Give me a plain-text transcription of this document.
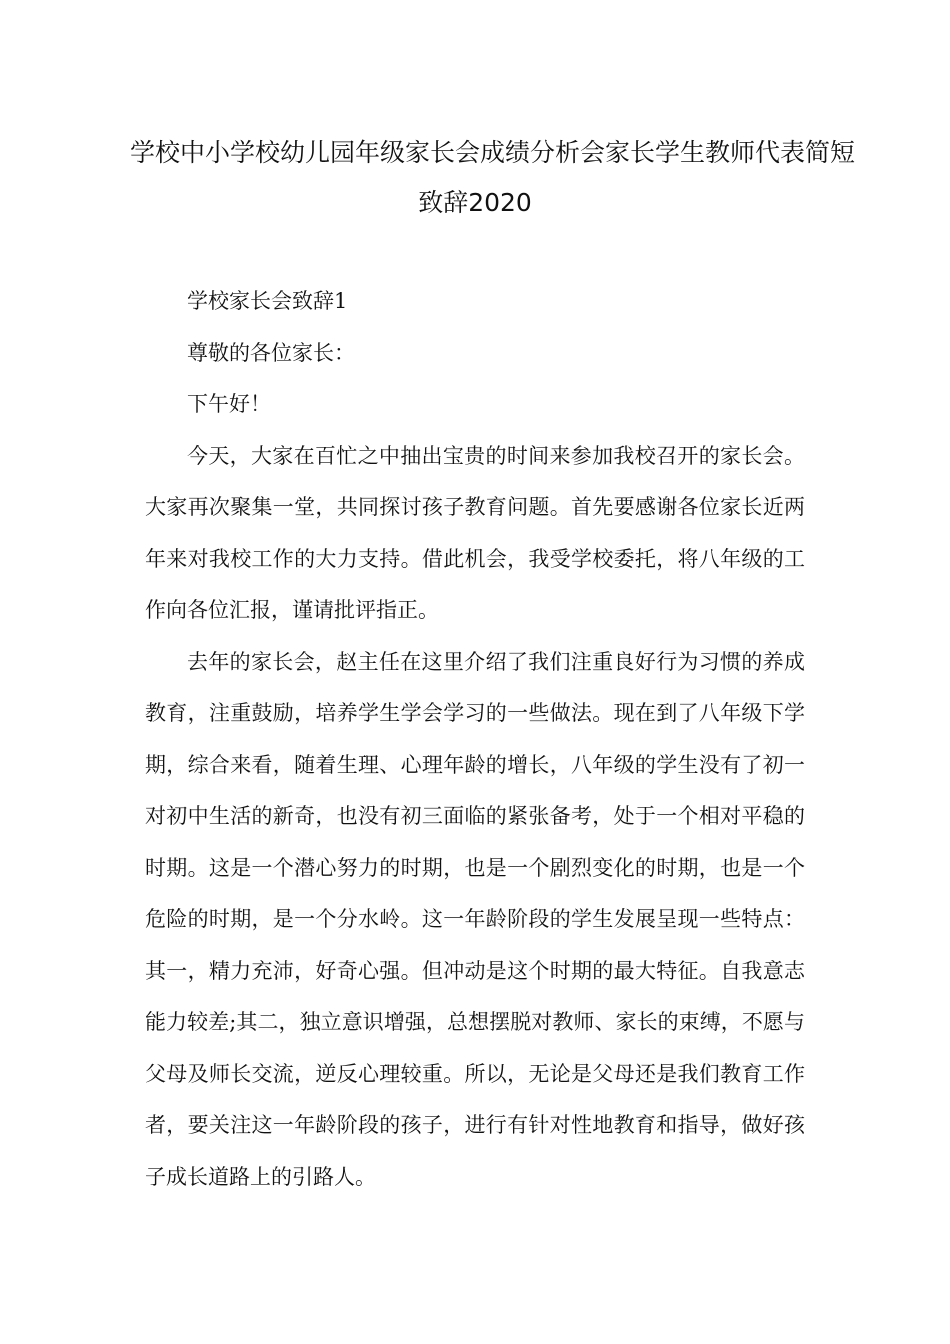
学校中小学校幼儿园年级家长会成绩分析会家长学生教师代表简短
致辞2020

学校家长会致辞1

尊敬的各位家长：

下午好！

今天，大家在百忙之中抽出宝贵的时间来参加我校召开的家长会。大家再次聚集一堂，共同探讨孩子教育问题。首先要感谢各位家长近两年来对我校工作的大力支持。借此机会，我受学校委托，将八年级的工作向各位汇报，谨请批评指正。

去年的家长会，赵主任在这里介绍了我们注重良好行为习惯的养成教育，注重鼓励，培养学生学会学习的一些做法。现在到了八年级下学期，综合来看，随着生理、心理年龄的增长，八年级的学生没有了初一对初中生活的新奇，也没有初三面临的紧张备考，处于一个相对平稳的时期。这是一个潜心努力的时期，也是一个剧烈变化的时期，也是一个危险的时期，是一个分水岭。这一年龄阶段的学生发展呈现一些特点：其一，精力充沛，好奇心强。但冲动是这个时期的最大特征。自我意志能力较差;其二，独立意识增强，总想摆脱对教师、家长的束缚，不愿与父母及师长交流，逆反心理较重。所以，无论是父母还是我们教育工作者，要关注这一年龄阶段的孩子，进行有针对性地教育和指导，做好孩子成长道路上的引路人。
